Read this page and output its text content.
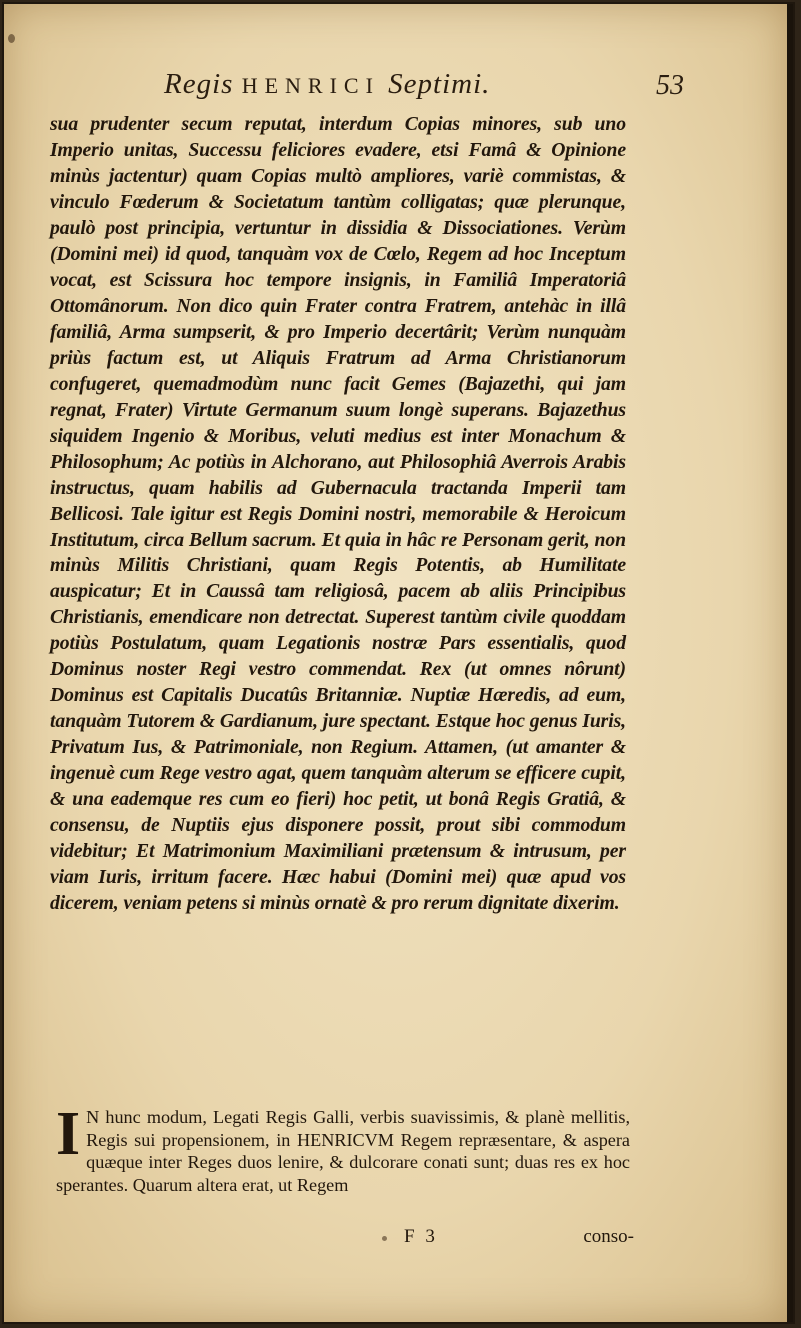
Regis HENRICI Septimi.	53

sua prudenter secum reputat, interdum Copias minores, sub uno Imperio unitas, Successu feliciores evadere, etsi Famâ & Opinione minùs jactentur) quam Copias multò ampliores, variè commistas, & vinculo Fœderum & Societatum tantùm colligatas; quæ plerunque, paulò post principia, vertuntur in dissidia & Dissociationes. Verùm (Domini mei) id quod, tanquàm vox de Cœlo, Regem ad hoc Inceptum vocat, est Scissura hoc tempore insignis, in Familiâ Imperatoriâ Ottomânorum. Non dico quin Frater contra Fratrem, antehàc in illâ familiâ, Arma sumpserit, & pro Imperio decertârit; Verùm nunquàm priùs factum est, ut Aliquis Fratrum ad Arma Christianorum confugeret, quemadmodùm nunc facit Gemes (Bajazethi, qui jam regnat, Frater) Virtute Germanum suum longè superans. Bajazethus siquidem Ingenio & Moribus, veluti medius est inter Monachum & Philosophum; Ac potiùs in Alchorano, aut Philosophiâ Averrois Arabis instructus, quam habilis ad Gubernacula tractanda Imperii tam Bellicosi. Tale igitur est Regis Domini nostri, memorabile & Heroicum Institutum, circa Bellum sacrum. Et quia in hâc re Personam gerit, non minùs Militis Christiani, quam Regis Potentis, ab Humilitate auspicatur; Et in Caussâ tam religiosâ, pacem ab aliis Principibus Christianis, emendicare non detrectat. Superest tantùm civile quoddam potiùs Postulatum, quam Legationis nostræ Pars essentialis, quod Dominus noster Regi vestro commendat. Rex (ut omnes nôrunt) Dominus est Capitalis Ducatûs Britanniæ. Nuptiæ Hæredis, ad eum, tanquàm Tutorem & Gardianum, jure spectant. Estque hoc genus Iuris, Privatum Ius, & Patrimoniale, non Regium. Attamen, (ut amanter & ingenuè cum Rege vestro agat, quem tanquàm alterum se efficere cupit, & una eademque res cum eo fieri) hoc petit, ut bonâ Regis Gratiâ, & consensu, de Nuptiis ejus disponere possit, prout sibi commodum videbitur; Et Matrimonium Maximiliani prætensum & intrusum, per viam Iuris, irritum facere. Hæc habui (Domini mei) quæ apud vos dicerem, veniam petens si minùs ornatè & pro rerum dignitate dixerim.

I N hunc modum, Legati Regis Galli, verbis suavissimis, & planè mellitis, Regis sui propensionem, in HENRICVM Regem repræsentare, & aspera quæque inter Reges duos lenire, & dulcorare conati sunt; duas res ex hoc sperantes. Quarum altera erat, ut Regem

F 3	conso-
